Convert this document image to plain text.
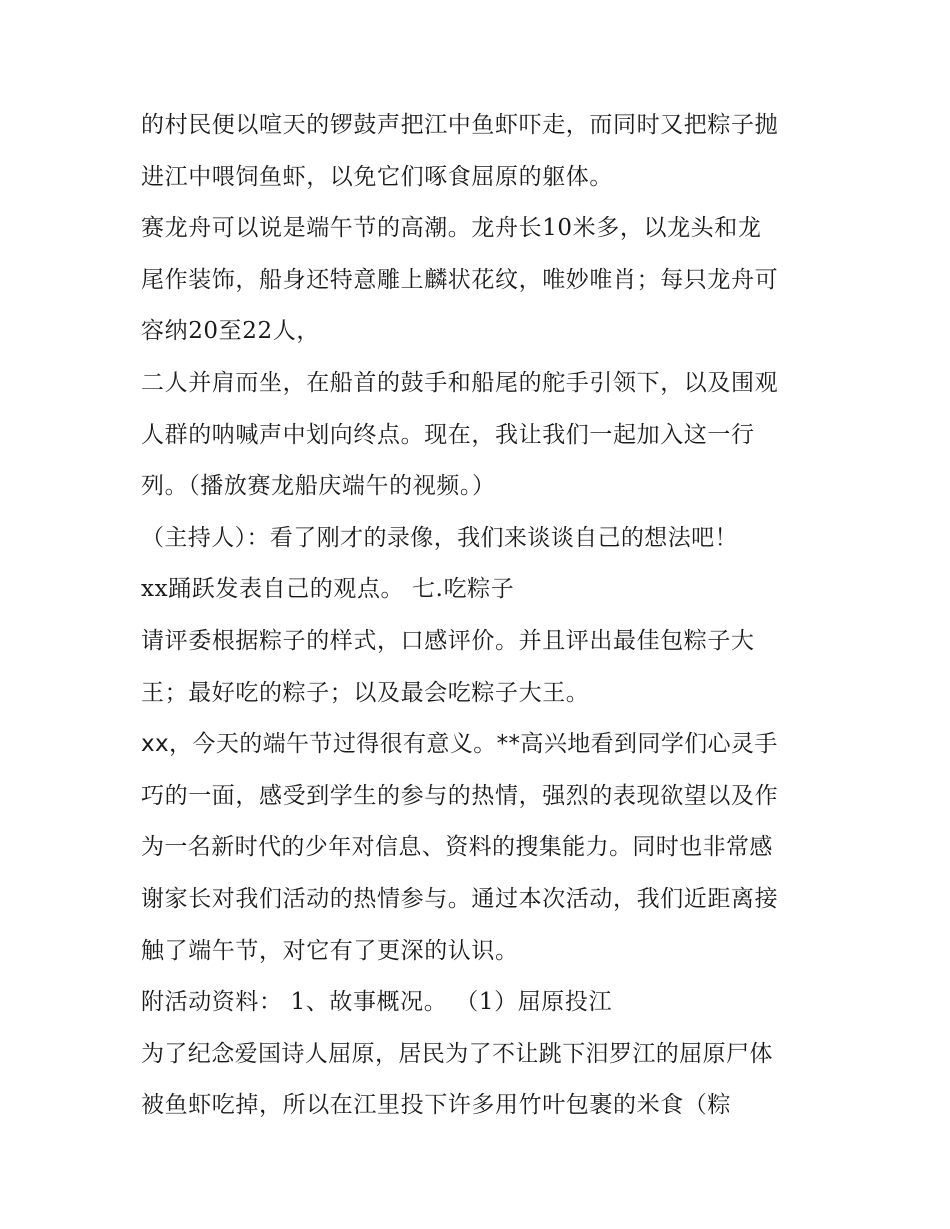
的村民便以喧天的锣鼓声把江中鱼虾吓走，而同时又把粽子抛
进江中喂饲鱼虾，以免它们啄食屈原的躯体。
赛龙舟可以说是端午节的高潮。龙舟长10米多，以龙头和龙
尾作装饰，船身还特意雕上麟状花纹，唯妙唯肖；每只龙舟可
容纳20至22人，
二人并肩而坐，在船首的鼓手和船尾的舵手引领下，以及围观
人群的呐喊声中划向终点。现在，我让我们一起加入这一行
列。（播放赛龙船庆端午的视频。）
（主持人）：看了刚才的录像，我们来谈谈自己的想法吧！
xx踊跃发表自己的观点。 七.吃粽子
请评委根据粽子的样式，口感评价。并且评出最佳包粽子大
王；最好吃的粽子；以及最会吃粽子大王。
xx，今天的端午节过得很有意义。**高兴地看到同学们心灵手
巧的一面，感受到学生的参与的热情，强烈的表现欲望以及作
为一名新时代的少年对信息、资料的搜集能力。同时也非常感
谢家长对我们活动的热情参与。通过本次活动，我们近距离接
触了端午节，对它有了更深的认识。
附活动资料： 1、故事概况。 （1）屈原投江
为了纪念爱国诗人屈原，居民为了不让跳下汨罗江的屈原尸体
被鱼虾吃掉，所以在江里投下许多用竹叶包裹的米食（粽
